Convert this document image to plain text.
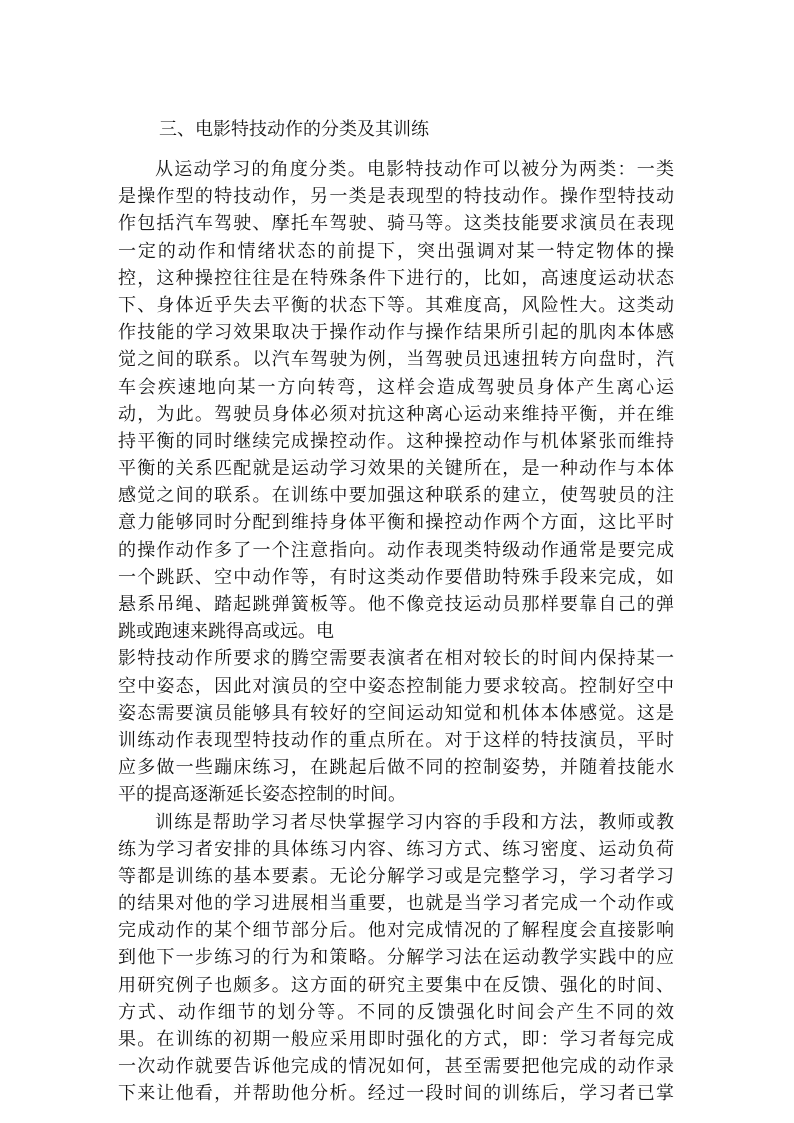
三、电影特技动作的分类及其训练
从运动学习的角度分类。电影特技动作可以被分为两类：一类
是操作型的特技动作，另一类是表现型的特技动作。操作型特技动
作包括汽车驾驶、摩托车驾驶、骑马等。这类技能要求演员在表现
一定的动作和情绪状态的前提下，突出强调对某一特定物体的操
控，这种操控往往是在特殊条件下进行的，比如，高速度运动状态
下、身体近乎失去平衡的状态下等。其难度高，风险性大。这类动
作技能的学习效果取决于操作动作与操作结果所引起的肌肉本体感
觉之间的联系。以汽车驾驶为例，当驾驶员迅速扭转方向盘时，汽
车会疾速地向某一方向转弯，这样会造成驾驶员身体产生离心运
动，为此。驾驶员身体必须对抗这种离心运动来维持平衡，并在维
持平衡的同时继续完成操控动作。这种操控动作与机体紧张而维持
平衡的关系匹配就是运动学习效果的关键所在，是一种动作与本体
感觉之间的联系。在训练中要加强这种联系的建立，使驾驶员的注
意力能够同时分配到维持身体平衡和操控动作两个方面，这比平时
的操作动作多了一个注意指向。动作表现类特级动作通常是要完成
一个跳跃、空中动作等，有时这类动作要借助特殊手段来完成，如
悬系吊绳、踏起跳弹簧板等。他不像竞技运动员那样要靠自己的弹
跳或跑速来跳得高或远。电
影特技动作所要求的腾空需要表演者在相对较长的时间内保持某一
空中姿态，因此对演员的空中姿态控制能力要求较高。控制好空中
姿态需要演员能够具有较好的空间运动知觉和机体本体感觉。这是
训练动作表现型特技动作的重点所在。对于这样的特技演员，平时
应多做一些蹦床练习，在跳起后做不同的控制姿势，并随着技能水
平的提高逐渐延长姿态控制的时间。
训练是帮助学习者尽快掌握学习内容的手段和方法，教师或教
练为学习者安排的具体练习内容、练习方式、练习密度、运动负荷
等都是训练的基本要素。无论分解学习或是完整学习，学习者学习
的结果对他的学习进展相当重要，也就是当学习者完成一个动作或
完成动作的某个细节部分后。他对完成情况的了解程度会直接影响
到他下一步练习的行为和策略。分解学习法在运动教学实践中的应
用研究例子也颇多。这方面的研究主要集中在反馈、强化的时间、
方式、动作细节的划分等。不同的反馈强化时间会产生不同的效
果。在训练的初期一般应采用即时强化的方式，即：学习者每完成
一次动作就要告诉他完成的情况如何，甚至需要把他完成的动作录
下来让他看，并帮助他分析。经过一段时间的训练后，学习者已掌
